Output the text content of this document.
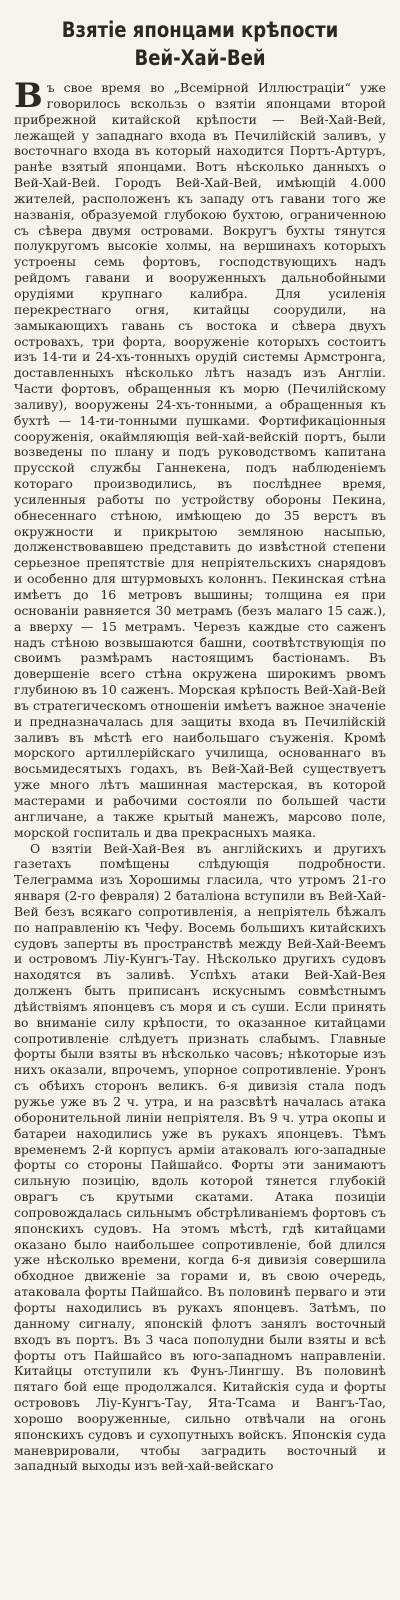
Взятіе японцами крѣпости
Вей-Хай-Вей

Въ свое время во „Всемірной Иллюстраціи“ уже говорилось вскользь о взятіи японцами второй прибрежной китайской крѣпости — Вей-Хай-Вей, лежащей у западнаго входа въ Печилійскій заливъ, у восточнаго входа въ который находится Портъ-Артуръ, ранѣе взятый японцами. Вотъ нѣсколько данныхъ о Вей-Хай-Вей. Городъ Вей-Хай-Вей, имѣющій 4.000 жителей, расположенъ къ западу отъ гавани того же названія, образуемой глубокою бухтою, ограниченною съ сѣвера двумя островами. Вокругъ бухты тянутся полукругомъ высокіе холмы, на вершинахъ которыхъ устроены семь фортовъ, господствующихъ надъ рейдомъ гавани и вооруженныхъ дальнобойными орудіями крупнаго калибра. Для усиленія перекрестнаго огня, китайцы соорудили, на замыкающихъ гавань съ востока и сѣвера двухъ островахъ, три форта, вооруженіе которыхъ состоитъ изъ 14-ти и 24-хъ-тонныхъ орудій системы Армстронга, доставленныхъ нѣсколько лѣтъ назадъ изъ Англіи. Части фортовъ, обращенныя къ морю (Печилійскому заливу), вооружены 24-хъ-тонными, а обращенныя къ бухтѣ — 14-ти-тонными пушками. Фортификаціонныя сооруженія, окаймляющія вей-хай-вейскій портъ, были возведены по плану и подъ руководствомъ капитана прусской службы Ганнекена, подъ наблюденіемъ котораго производились, въ послѣднее время, усиленныя работы по устройству обороны Пекина, обнесеннаго стѣною, имѣющею до 35 верстъ въ окружности и прикрытою земляною насыпью, долженствовавшею представить до извѣстной степени серьезное препятствіе для непріятельскихъ снарядовъ и особенно для штурмовыхъ колоннъ. Пекинская стѣна имѣетъ до 16 метровъ вышины; толщина ея при основаніи равняется 30 метрамъ (безъ малаго 15 саж.), а вверху — 15 метрамъ. Черезъ каждые сто саженъ надъ стѣною возвышаются башни, соотвѣтствующія по своимъ размѣрамъ настоящимъ бастіонамъ. Въ довершеніе всего стѣна окружена широкимъ рвомъ глубиною въ 10 саженъ. Морская крѣпость Вей-Хай-Вей въ стратегическомъ отношеніи имѣетъ важное значеніе и предназначалась для защиты входа въ Печилійскій заливъ въ мѣстѣ его наибольшаго съуженія. Кромѣ морского артиллерійскаго училища, основаннаго въ восьмидесятыхъ годахъ, въ Вей-Хай-Вей существуетъ уже много лѣтъ машинная мастерская, въ которой мастерами и рабочими состояли по большей части англичане, а также крытый манежъ, марсово поле, морской госпиталь и два прекрасныхъ маяка.

О взятіи Вей-Хай-Вея въ англійскихъ и другихъ газетахъ помѣщены слѣдующія подробности. Телеграмма изъ Хорошимы гласила, что утромъ 21-го января (2-го февраля) 2 баталіона вступили въ Вей-Хай-Вей безъ всякаго сопротивленія, а непріятель бѣжалъ по направленію къ Чефу. Восемь большихъ китайскихъ судовъ заперты въ пространствѣ между Вей-Хай-Веемъ и островомъ Ліу-Кунгъ-Тау. Нѣсколько другихъ судовъ находятся въ заливѣ. Успѣхъ атаки Вей-Хай-Вея долженъ быть приписанъ искуснымъ совмѣстнымъ дѣйствіямъ японцевъ съ моря и съ суши. Если принять во вниманіе силу крѣпости, то оказанное китайцами сопротивленіе слѣдуетъ признать слабымъ. Главные форты были взяты въ нѣсколько часовъ; нѣкоторые изъ нихъ оказали, впрочемъ, упорное сопротивленіе. Уронъ съ обѣихъ сторонъ великъ. 6-я дивизія стала подъ ружье уже въ 2 ч. утра, и на разсвѣтѣ началась атака оборонительной линіи непріятеля. Въ 9 ч. утра окопы и батареи находились уже въ рукахъ японцевъ. Тѣмъ временемъ 2-й корпусъ арміи атаковалъ юго-западные форты со стороны Пайшайсо. Форты эти занимаютъ сильную позицію, вдоль которой тянется глубокій оврагъ съ крутыми скатами. Атака позиціи сопровождалась сильнымъ обстрѣливаніемъ фортовъ съ японскихъ судовъ. На этомъ мѣстѣ, гдѣ китайцами оказано было наибольшее сопротивленіе, бой длился уже нѣсколько времени, когда 6-я дивизія совершила обходное движеніе за горами и, въ свою очередь, атаковала форты Пайшайсо. Въ половинѣ перваго и эти форты находились въ рукахъ японцевъ. Затѣмъ, по данному сигналу, японскій флотъ занялъ восточный входъ въ портъ. Въ 3 часа пополудни были взяты и всѣ форты отъ Пайшайсо въ юго-западномъ направленіи. Китайцы отступили къ Фунъ-Лингшу. Въ половинѣ пятаго бой еще продолжался. Китайскія суда и форты острововъ Ліу-Кунгъ-Тау, Ята-Тсама и Вангъ-Тао, хорошо вооруженные, сильно отвѣчали на огонь японскихъ судовъ и сухопутныхъ войскъ. Японскія суда маневрировали, чтобы заградить восточный и западный выходы изъ вей-хай-вейскаго
